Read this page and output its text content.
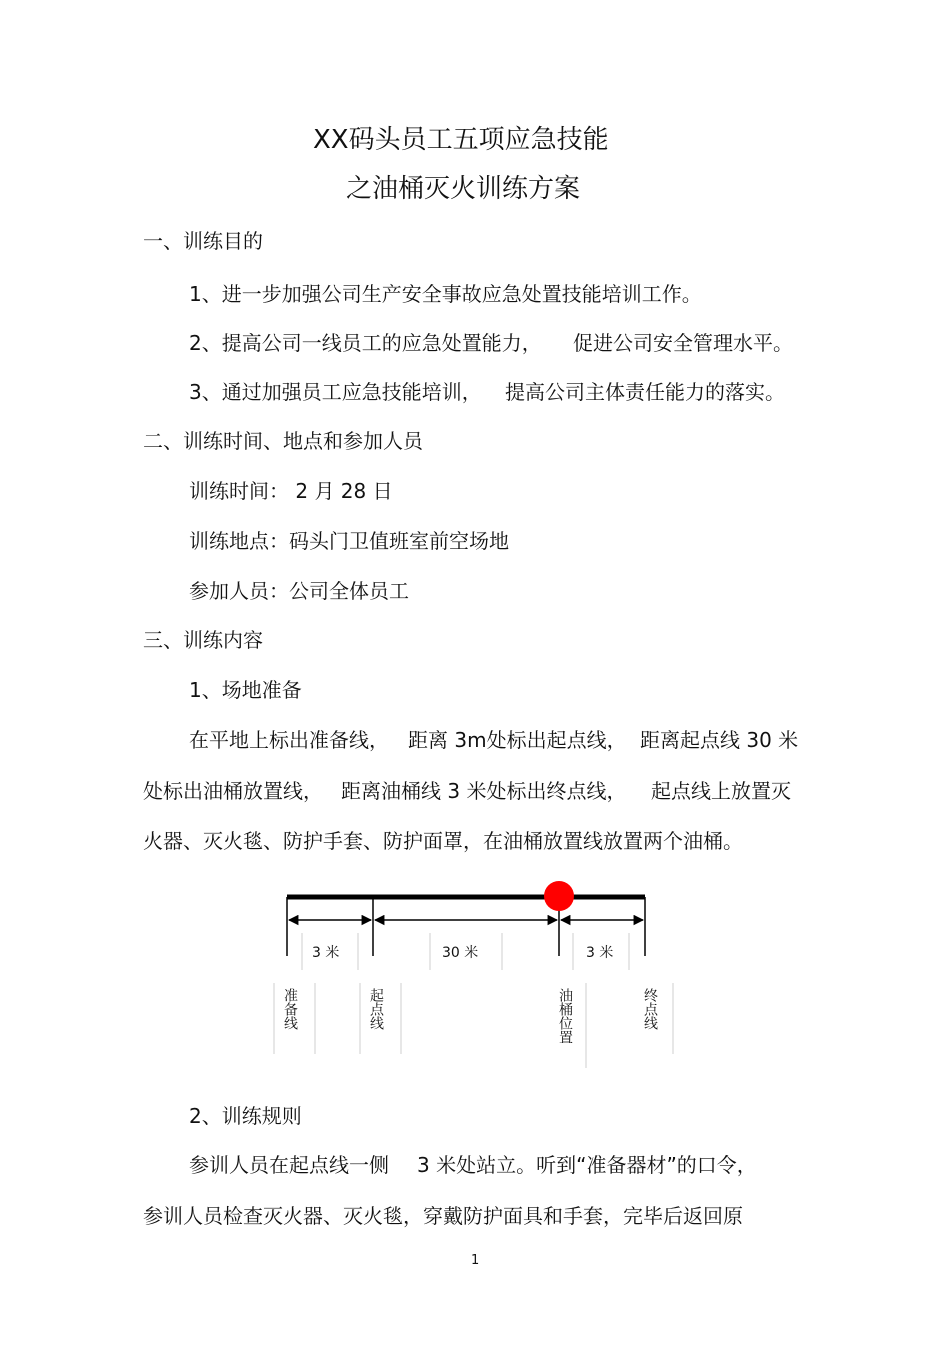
XX码头员工五项应急技能
之油桶灭火训练方案
一、训练目的
1、进一步加强公司生产安全事故应急处置技能培训工作。
2、提高公司一线员工的应急处置能力， 促进公司安全管理水平。
3、通过加强员工应急技能培训， 提高公司主体责任能力的落实。
二、训练时间、地点和参加人员
训练时间： 2 月 28 日
训练地点：码头门卫值班室前空场地
参加人员：公司全体员工
三、训练内容
1、场地准备
在平地上标出准备线， 距离 3m处标出起点线， 距离起点线 30 米
处标出油桶放置线， 距离油桶线 3 米处标出终点线， 起点线上放置灭
火器、灭火毯、防护手套、防护面罩，在油桶放置线放置两个油桶。
3 米	30 米	3 米
准备线	起点线	油桶位置	终点线
2、训练规则
参训人员在起点线一侧 3 米处站立。听到“准备器材”的口令，
参训人员检查灭火器、灭火毯，穿戴防护面具和手套，完毕后返回原
1
